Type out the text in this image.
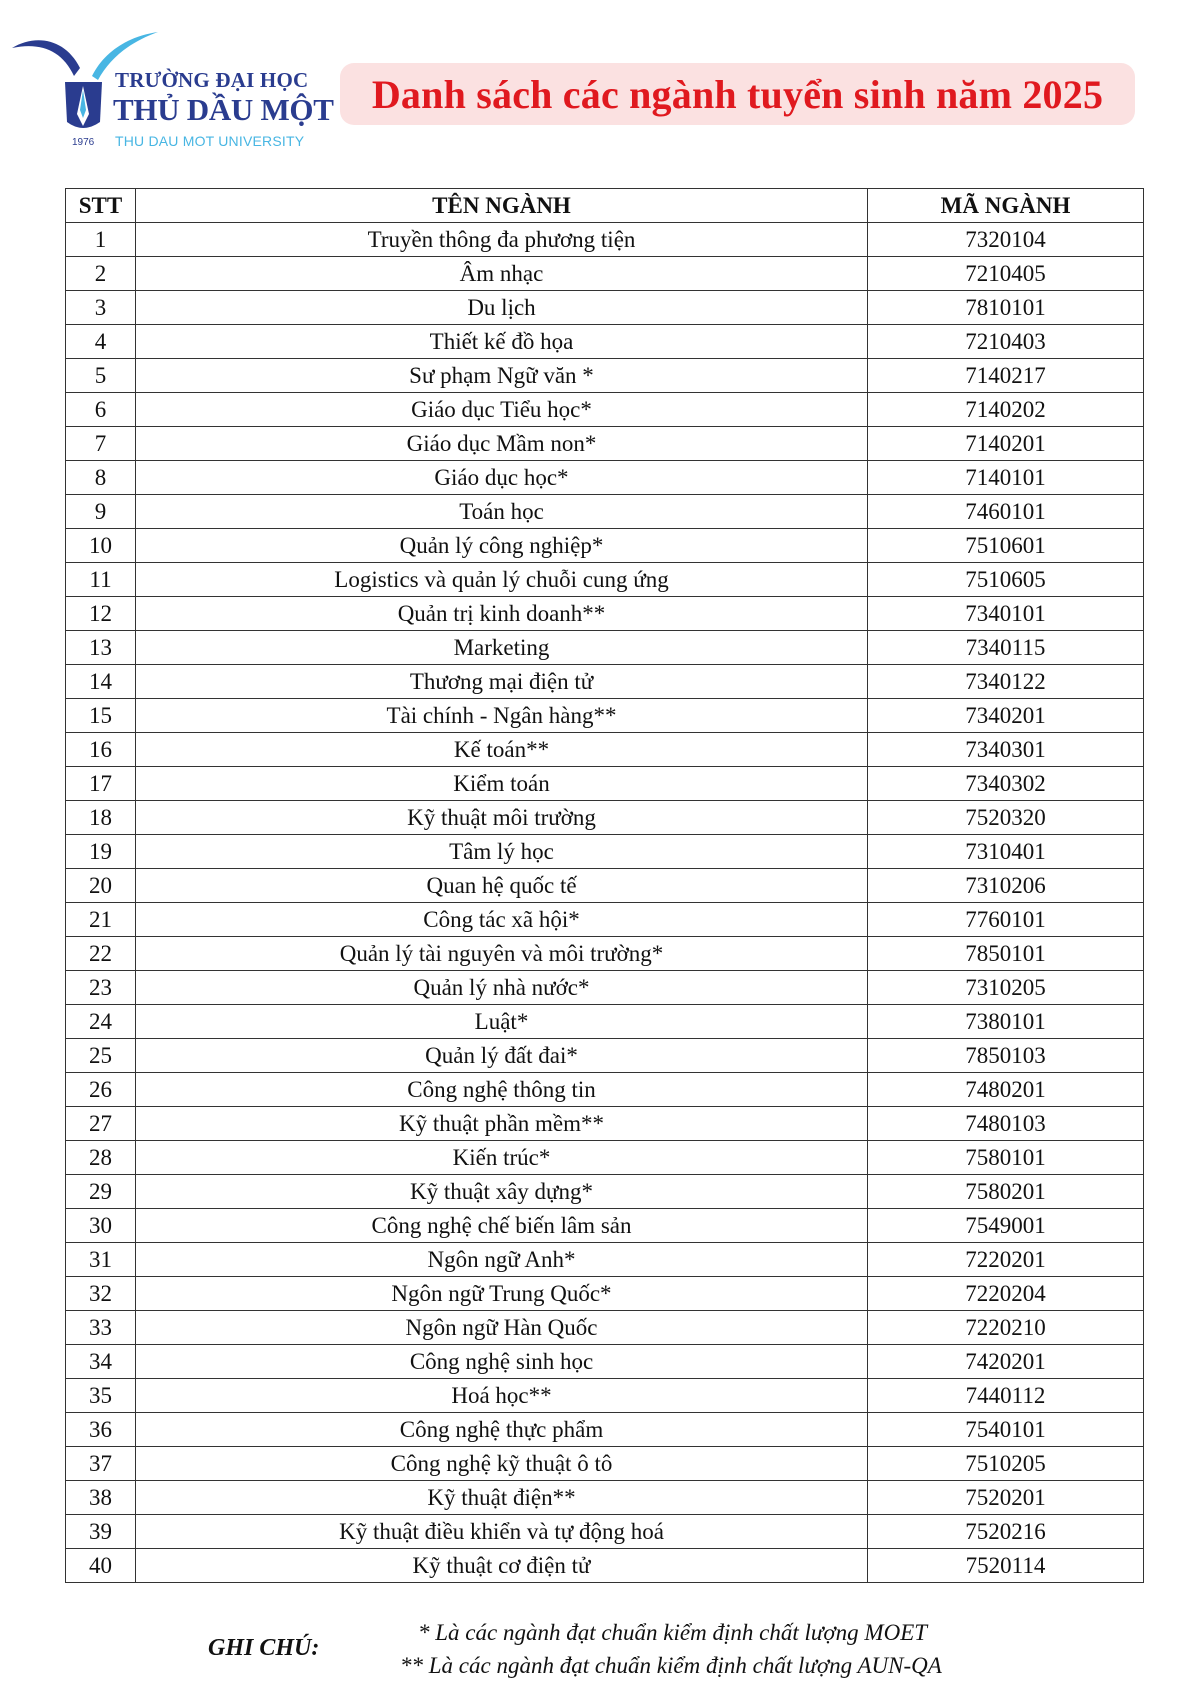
TRƯỜNG ĐẠI HỌC
THỦ DẦU MỘT
1976 THU DAU MOT UNIVERSITY
Danh sách các ngành tuyển sinh năm 2025
STT	TÊN NGÀNH	MÃ NGÀNH
1	Truyền thông đa phương tiện	7320104
2	Âm nhạc	7210405
3	Du lịch	7810101
4	Thiết kế đồ họa	7210403
5	Sư phạm Ngữ văn *	7140217
6	Giáo dục Tiểu học*	7140202
7	Giáo dục Mầm non*	7140201
8	Giáo dục học*	7140101
9	Toán học	7460101
10	Quản lý công nghiệp*	7510601
11	Logistics và quản lý chuỗi cung ứng	7510605
12	Quản trị kinh doanh**	7340101
13	Marketing	7340115
14	Thương mại điện tử	7340122
15	Tài chính - Ngân hàng**	7340201
16	Kế toán**	7340301
17	Kiểm toán	7340302
18	Kỹ thuật môi trường	7520320
19	Tâm lý học	7310401
20	Quan hệ quốc tế	7310206
21	Công tác xã hội*	7760101
22	Quản lý tài nguyên và môi trường*	7850101
23	Quản lý nhà nước*	7310205
24	Luật*	7380101
25	Quản lý đất đai*	7850103
26	Công nghệ thông tin	7480201
27	Kỹ thuật phần mềm**	7480103
28	Kiến trúc*	7580101
29	Kỹ thuật xây dựng*	7580201
30	Công nghệ chế biến lâm sản	7549001
31	Ngôn ngữ Anh*	7220201
32	Ngôn ngữ Trung Quốc*	7220204
33	Ngôn ngữ Hàn Quốc	7220210
34	Công nghệ sinh học	7420201
35	Hoá học**	7440112
36	Công nghệ thực phẩm	7540101
37	Công nghệ kỹ thuật ô tô	7510205
38	Kỹ thuật điện**	7520201
39	Kỹ thuật điều khiển và tự động hoá	7520216
40	Kỹ thuật cơ điện tử	7520114
GHI CHÚ:
* Là các ngành đạt chuẩn kiểm định chất lượng MOET
** Là các ngành đạt chuẩn kiểm định chất lượng AUN-QA
